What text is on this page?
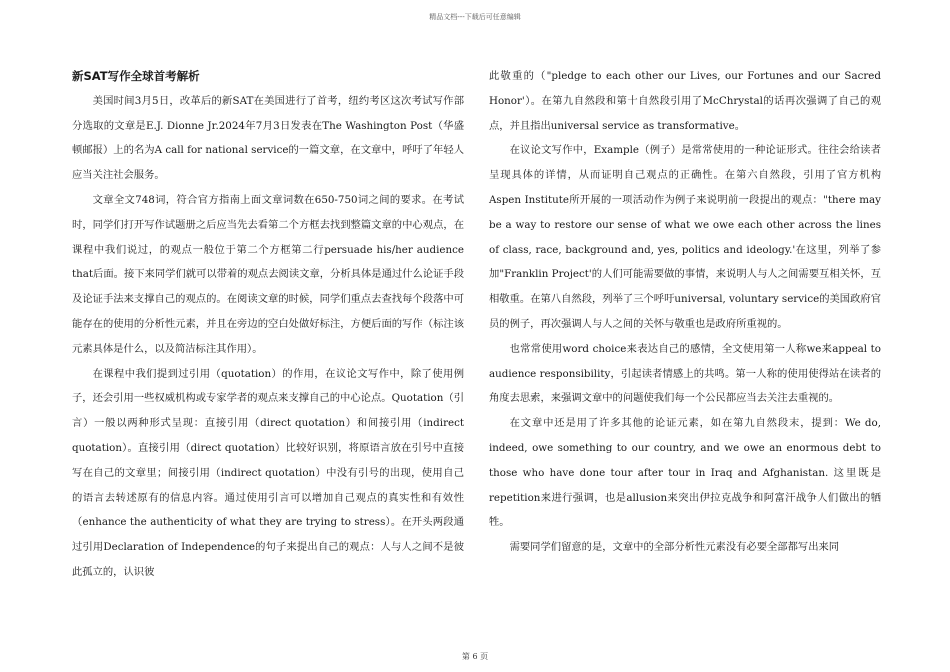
精品文档---下载后可任意编辑
新SAT写作全球首考解析

美国时间3月5日，改革后的新SAT在美国进行了首考，纽约考区这次考试写作部分选取的文章是E.J. Dionne Jr.2024年7月3日发表在The Washington Post（华盛顿邮报）上的名为A call for national service的一篇文章，在文章中，呼吁了年轻人应当关注社会服务。

文章全文748词，符合官方指南上面文章词数在650-750词之间的要求。在考试时，同学们打开写作试题册之后应当先去看第二个方框去找到整篇文章的中心观点，在课程中我们说过，的观点一般位于第二个方框第二行persuade his/her audience that后面。接下来同学们就可以带着的观点去阅读文章，分析具体是通过什么论证手段及论证手法来支撑自己的观点的。在阅读文章的时候，同学们重点去查找每个段落中可能存在的使用的分析性元素，并且在旁边的空白处做好标注，方便后面的写作（标注该元素具体是什么，以及简洁标注其作用）。

在课程中我们提到过引用（quotation）的作用，在议论文写作中，除了使用例子，还会引用一些权威机构或专家学者的观点来支撑自己的中心论点。Quotation（引言）一般以两种形式呈现：直接引用（direct quotation）和间接引用（indirect quotation）。直接引用（direct quotation）比较好识别，将原语言放在引号中直接写在自己的文章里；间接引用（indirect quotation）中没有引号的出现，使用自己的语言去转述原有的信息内容。通过使用引言可以增加自己观点的真实性和有效性（enhance the authenticity of what they are trying to stress）。在开头两段通过引用Declaration of Independence的句子来提出自己的观点：人与人之间不是彼此孤立的，认识彼

此敬重的（"pledge to each other our Lives, our Fortunes and our Sacred Honor'）。在第九自然段和第十自然段引用了McChrystal的话再次强调了自己的观点，并且指出universal service as transformative。

在议论文写作中，Example（例子）是常常使用的一种论证形式。往往会给读者呈现具体的详情，从而证明自己观点的正确性。在第六自然段，引用了官方机构Aspen Institute所开展的一项活动作为例子来说明前一段提出的观点："there may be a way to restore our sense of what we owe each other across the lines of class, race, background and, yes, politics and ideology.'在这里，列举了参加"Franklin Project'的人们可能需要做的事情，来说明人与人之间需要互相关怀，互相敬重。在第八自然段，列举了三个呼吁universal, voluntary service的美国政府官员的例子，再次强调人与人之间的关怀与敬重也是政府所重视的。

也常常使用word choice来表达自己的感情，全文使用第一人称we来appeal to audience responsibility，引起读者情感上的共鸣。第一人称的使用使得站在读者的角度去思索，来强调文章中的问题使我们每一个公民都应当去关注去重视的。

在文章中还是用了许多其他的论证元素，如在第九自然段末，提到：We do, indeed, owe something to our country, and we owe an enormous debt to those who have done tour after tour in Iraq and Afghanistan. 这里既是repetition来进行强调，也是allusion来突出伊拉克战争和阿富汗战争人们做出的牺牲。

需要同学们留意的是，文章中的全部分析性元素没有必要全部都写出来同

第 6 页
